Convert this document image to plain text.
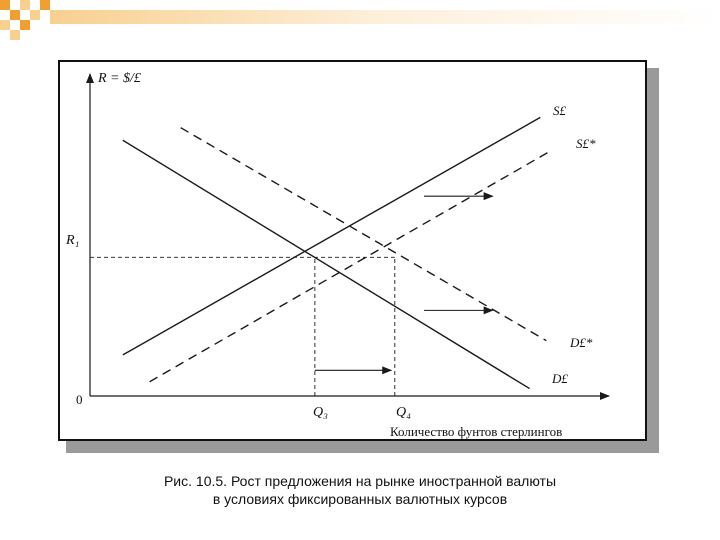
R = $/£
0
R₁
Q₃	Q₄
Количество фунтов стерлингов
S£
S£*
D£*
D£
Рис. 10.5. Рост предложения на рынке иностранной валюты
в условиях фиксированных валютных курсов
